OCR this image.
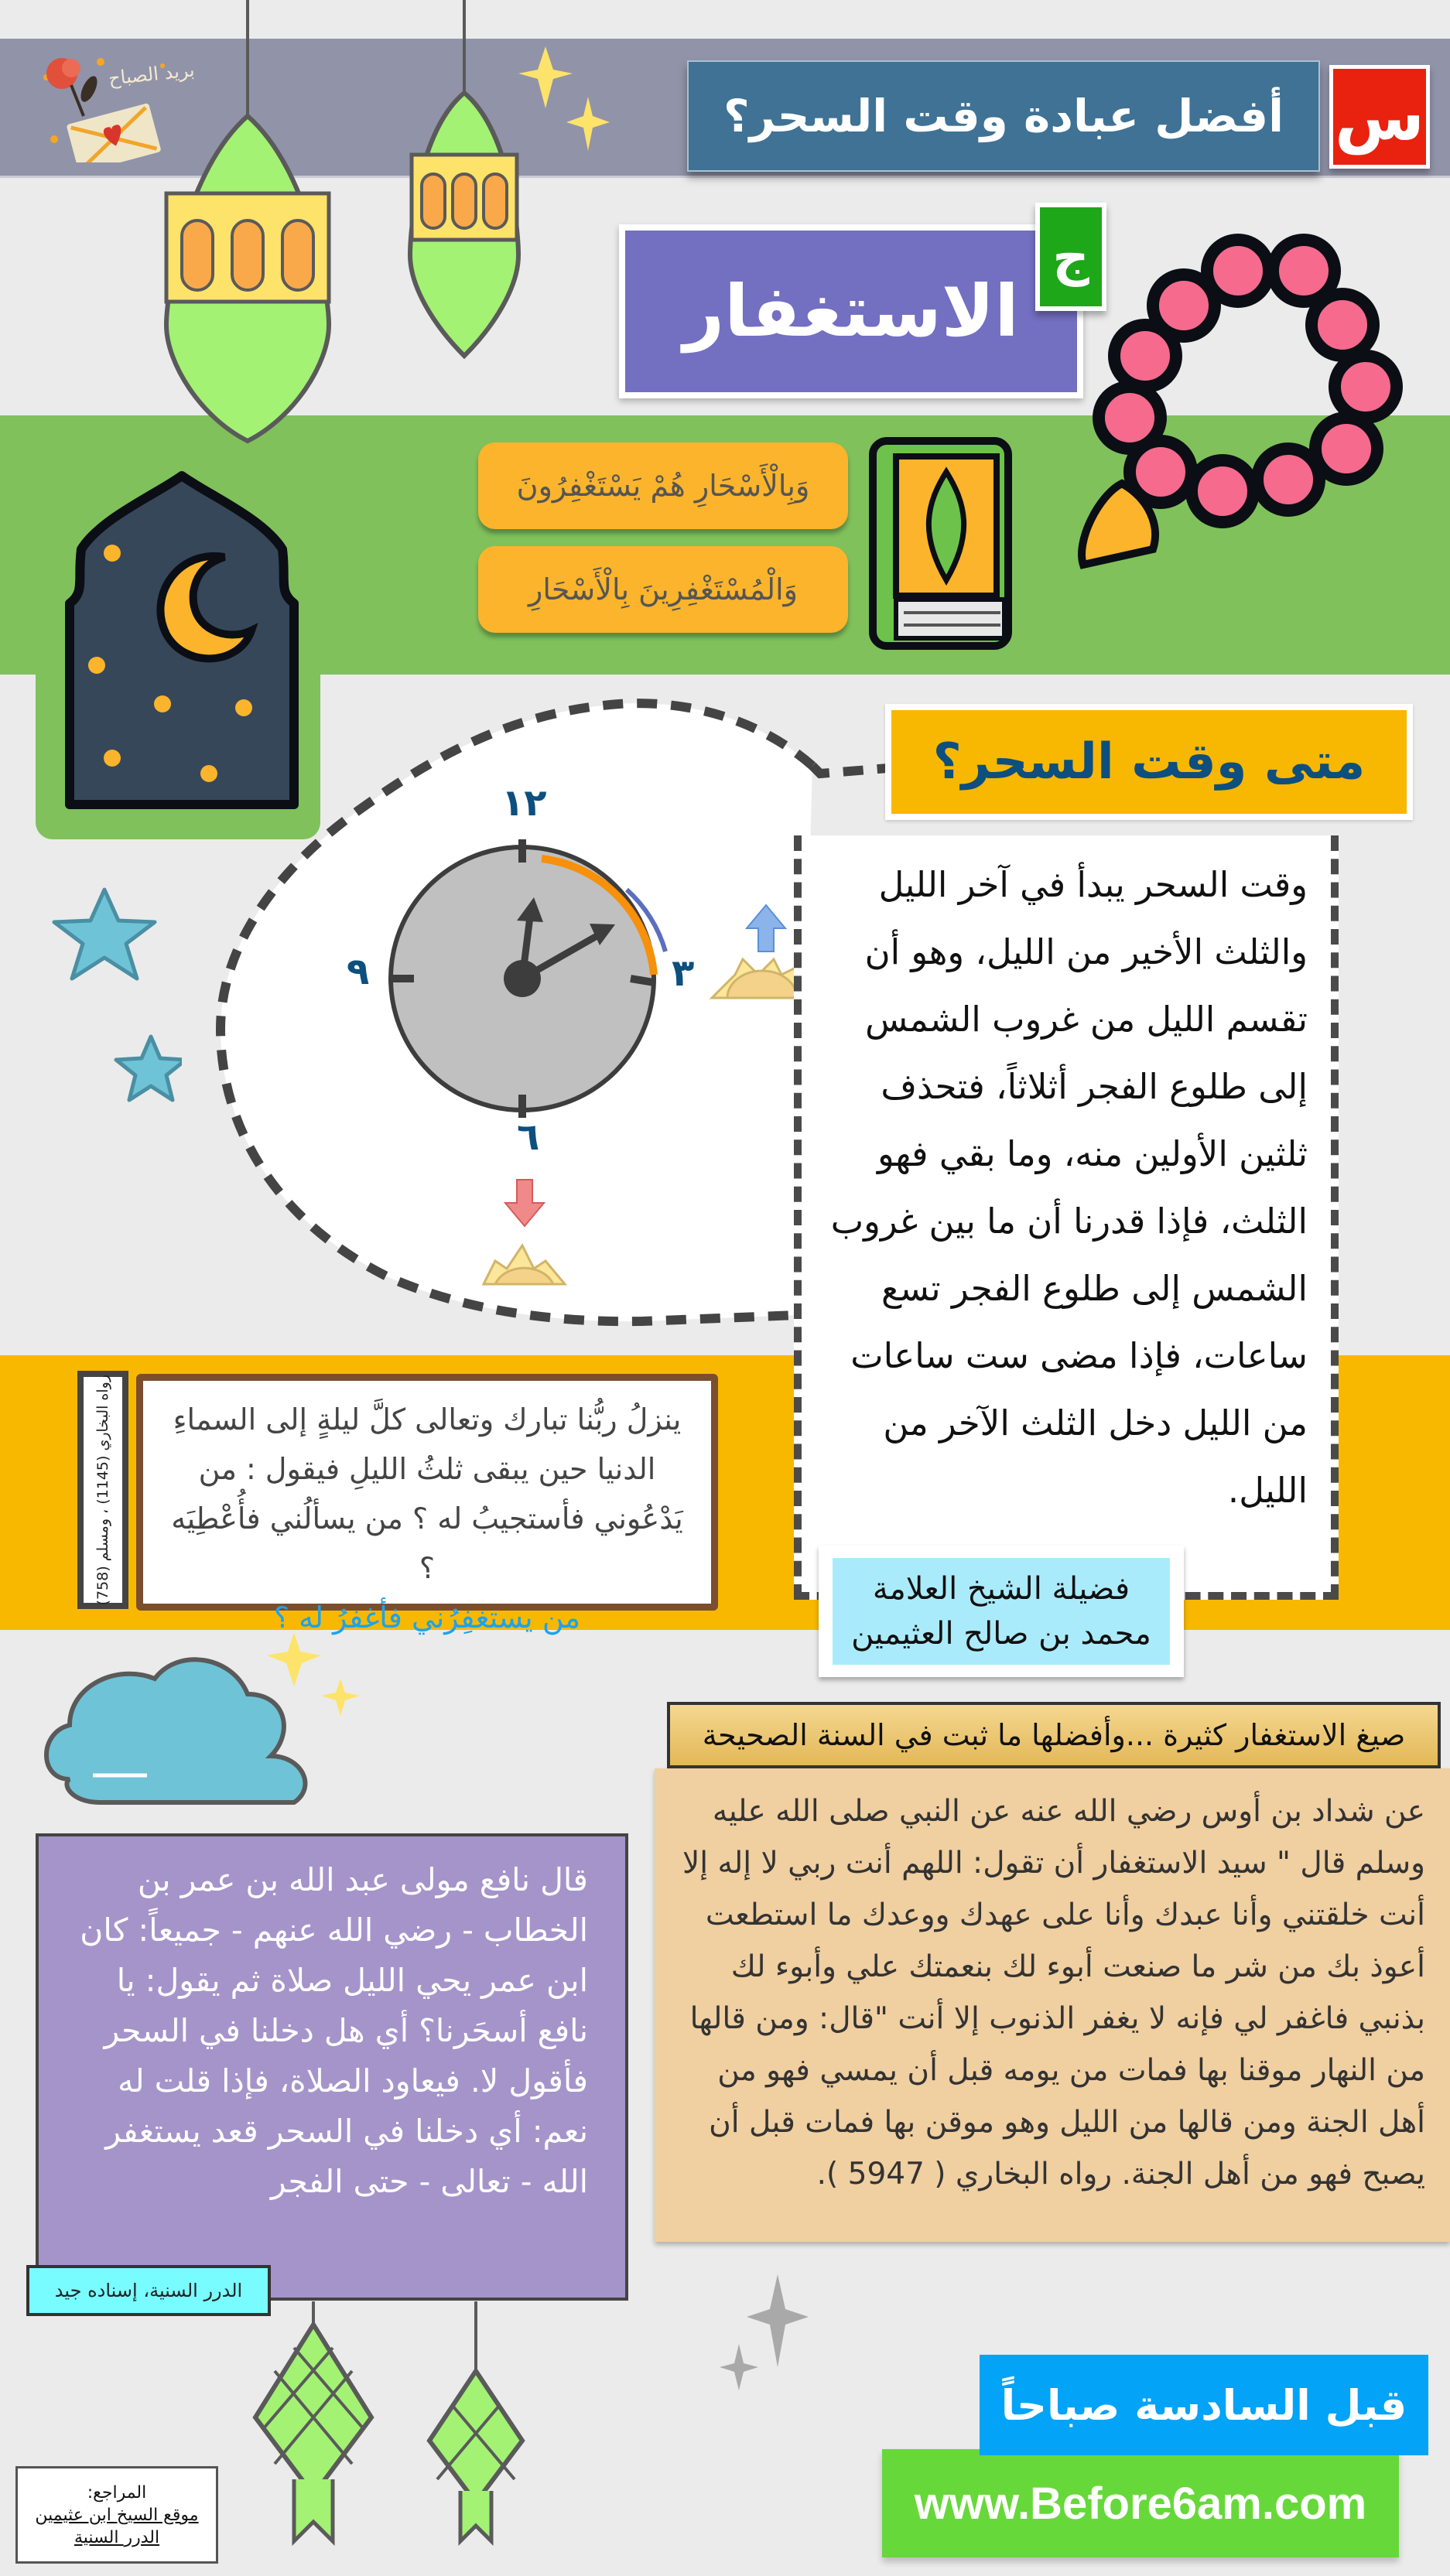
بريد الصباح
أفضل عبادة وقت السحر؟ س
الاستغفار
ج
وَبِالْأَسْحَارِ هُمْ يَسْتَغْفِرُونَ
وَالْمُسْتَغْفِرِينَ بِالْأَسْحَارِ
١٢
٣
٦
٩
متى وقت السحر؟
وقت السحر يبدأ في آخر الليل والثلث الأخير من الليل، وهو أن تقسم الليل من غروب الشمس إلى طلوع الفجر أثلاثاً، فتحذف ثلثين الأولين منه، وما بقي فهو الثلث، فإذا قدرنا أن ما بين غروب الشمس إلى طلوع الفجر تسع ساعات، فإذا مضى ست ساعات من الليل دخل الثلث الآخر من الليل.
فضيلة الشيخ العلامة
محمد بن صالح العثيمين
رواه البخاري (1145) ، ومسلم (758)	ينزلُ ربُّنا تبارك وتعالى كلَّ ليلةٍ إلى السماءِ
الدنيا حين يبقى ثلثُ الليلِ فيقول : من
يَدْعُوني فأستجيبُ له ؟ من يسألُني فأُعْطِيَه ؟
من يستغفِرُني فأغفرُ له ؟
عن شداد بن أوس رضي الله عنه عن النبي صلى الله عليه وسلم قال " سيد الاستغفار أن تقول: اللهم أنت ربي لا إله إلا أنت خلقتني وأنا عبدك وأنا على عهدك ووعدك ما استطعت أعوذ بك من شر ما صنعت أبوء لك بنعمتك علي وأبوء لك بذنبي فاغفر لي فإنه لا يغفر الذنوب إلا أنت "قال: ومن قالها من النهار موقنا بها فمات من يومه قبل أن يمسي فهو من أهل الجنة ومن قالها من الليل وهو موقن بها فمات قبل أن يصبح فهو من أهل الجنة. رواه البخاري ( 5947 ).
صيغ الاستغفار كثيرة ...وأفضلها ما ثبت في السنة الصحيحة
قال نافع مولى عبد الله بن عمر بن الخطاب - رضي الله عنهم - جميعاً: كان ابن عمر يحي الليل صلاة ثم يقول: يا نافع أسحَرنا؟ أي هل دخلنا في السحر فأقول لا. فيعاود الصلاة، فإذا قلت له نعم: أي دخلنا في السحر قعد يستغفر الله - تعالى - حتى الفجر
الدرر السنية، إسناده جيد
قبل السادسة صباحاً
www.Before6am.com
المراجع:
موقع السيخ ابن عثيمين
الدرر السنية
